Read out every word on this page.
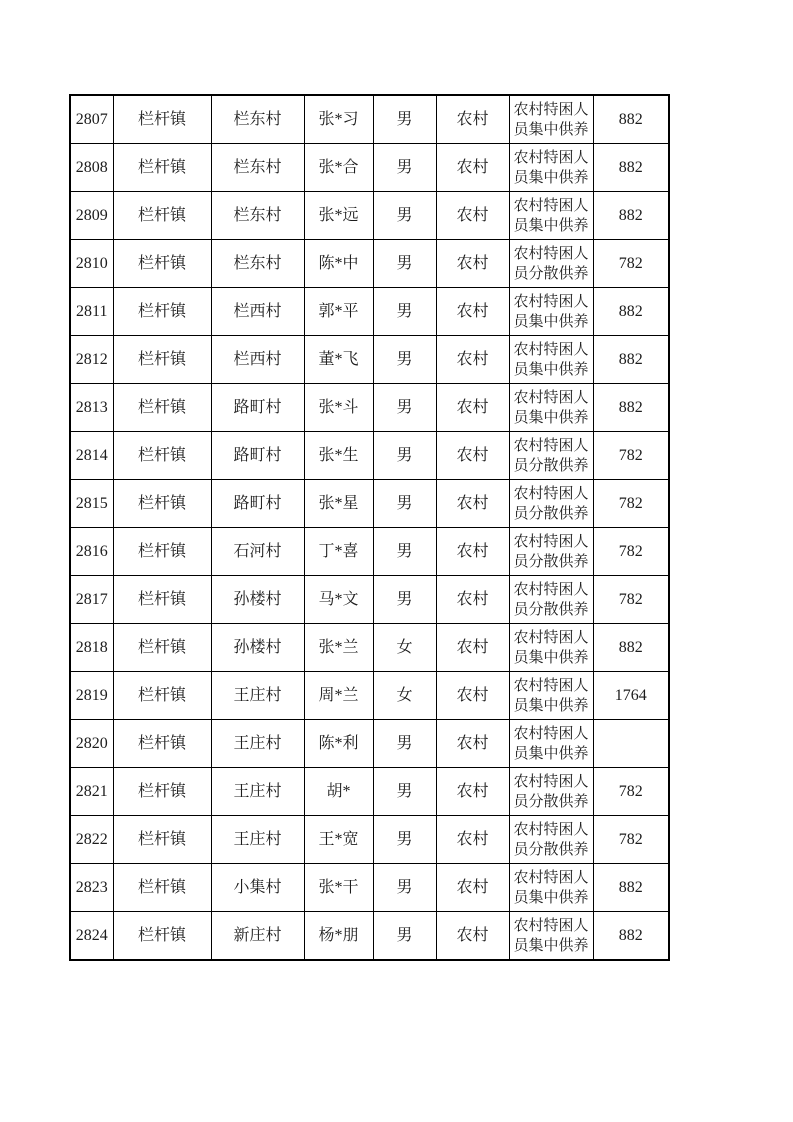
2807	栏杆镇	栏东村	张*习	男	农村	农村特困人员集中供养	882
2808	栏杆镇	栏东村	张*合	男	农村	农村特困人员集中供养	882
2809	栏杆镇	栏东村	张*远	男	农村	农村特困人员集中供养	882
2810	栏杆镇	栏东村	陈*中	男	农村	农村特困人员分散供养	782
2811	栏杆镇	栏西村	郭*平	男	农村	农村特困人员集中供养	882
2812	栏杆镇	栏西村	董*飞	男	农村	农村特困人员集中供养	882
2813	栏杆镇	路町村	张*斗	男	农村	农村特困人员集中供养	882
2814	栏杆镇	路町村	张*生	男	农村	农村特困人员分散供养	782
2815	栏杆镇	路町村	张*星	男	农村	农村特困人员分散供养	782
2816	栏杆镇	石河村	丁*喜	男	农村	农村特困人员分散供养	782
2817	栏杆镇	孙楼村	马*文	男	农村	农村特困人员分散供养	782
2818	栏杆镇	孙楼村	张*兰	女	农村	农村特困人员集中供养	882
2819	栏杆镇	王庄村	周*兰	女	农村	农村特困人员集中供养	1764
2820	栏杆镇	王庄村	陈*利	男	农村	农村特困人员集中供养	
2821	栏杆镇	王庄村	胡*	男	农村	农村特困人员分散供养	782
2822	栏杆镇	王庄村	王*宽	男	农村	农村特困人员分散供养	782
2823	栏杆镇	小集村	张*干	男	农村	农村特困人员集中供养	882
2824	栏杆镇	新庄村	杨*朋	男	农村	农村特困人员集中供养	882
